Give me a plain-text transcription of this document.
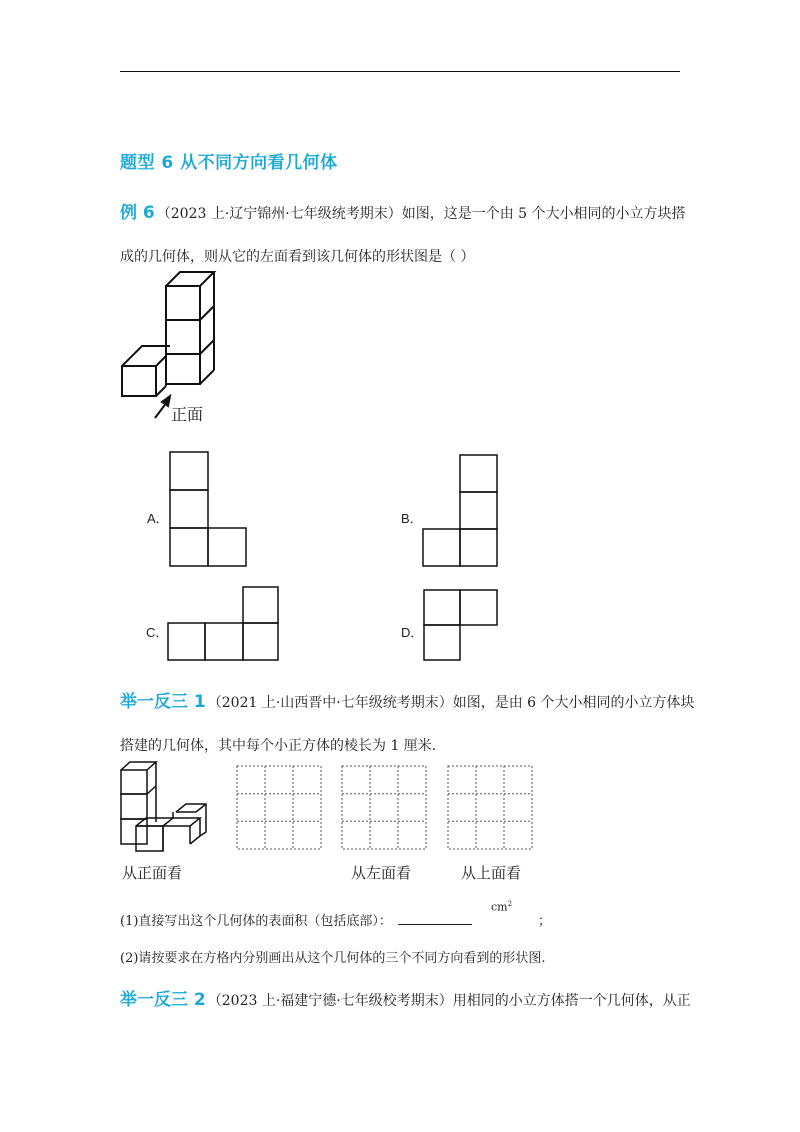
题型 6 从不同方向看几何体
例 6 （2023 上·辽宁锦州·七年级统考期末）如图，这是一个由 5 个大小相同的小立方块搭
成的几何体，则从它的左面看到该几何体的形状图是（ ）
正面
A．	B．
C．	D．
举一反三 1 （2021 上·山西晋中·七年级统考期末）如图，是由 6 个大小相同的小立方体块
搭建的几何体，其中每个小正方体的棱长为 1 厘米.
从正面看	从左面看	从上面看
(1)直接写出这个几何体的表面积（包括底部）：
$cm^2$
；
(2)请按要求在方格内分别画出从这个几何体的三个不同方向看到的形状图.
举一反三 2 （2023 上·福建宁德·七年级校考期末）用相同的小立方体搭一个几何体，从正
